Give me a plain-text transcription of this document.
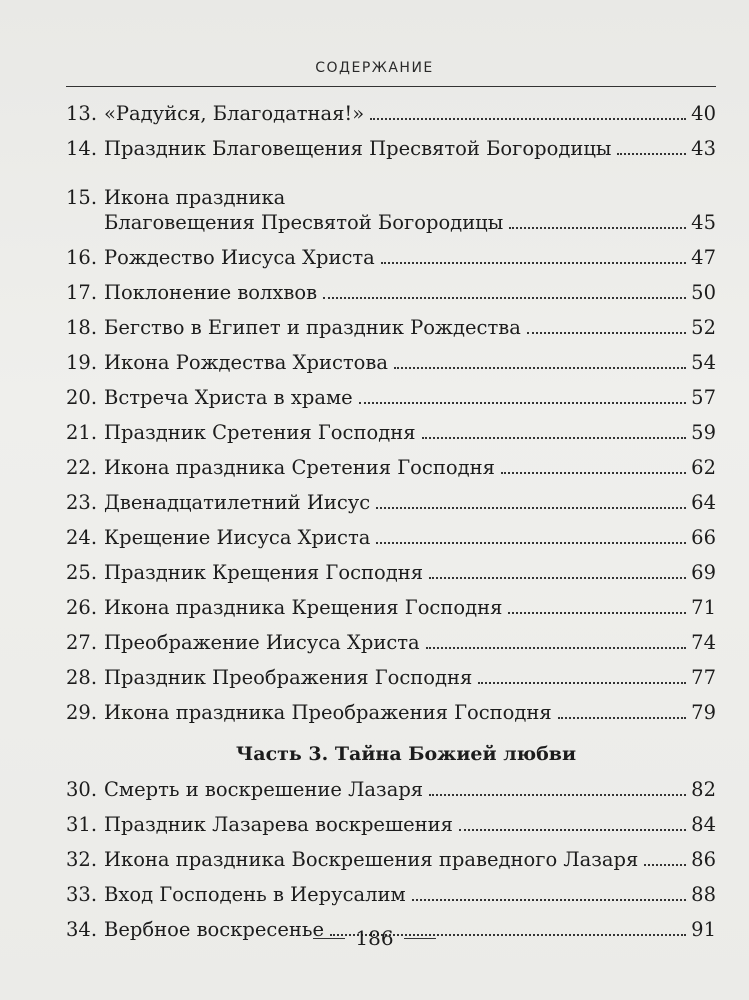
СОДЕРЖАНИЕ
13. «Радуйся, Благодатная!»	40
14. Праздник Благовещения Пресвятой Богородицы	43
15. Икона праздника
Благовещения Пресвятой Богородицы	45
16. Рождество Иисуса Христа	47
17. Поклонение волхвов	50
18. Бегство в Египет и праздник Рождества	52
19. Икона Рождества Христова	54
20. Встреча Христа в храме	57
21. Праздник Сретения Господня	59
22. Икона праздника Сретения Господня	62
23. Двенадцатилетний Иисус	64
24. Крещение Иисуса Христа	66
25. Праздник Крещения Господня	69
26. Икона праздника Крещения Господня	71
27. Преображение Иисуса Христа	74
28. Праздник Преображения Господня	77
29. Икона праздника Преображения Господня	79
Часть 3. Тайна Божией любви
30. Смерть и воскрешение Лазаря	82
31. Праздник Лазарева воскрешения	84
32. Икона праздника Воскрешения праведного Лазаря	86
33. Вход Господень в Иерусалим	88
34. Вербное воскресенье	91
186
